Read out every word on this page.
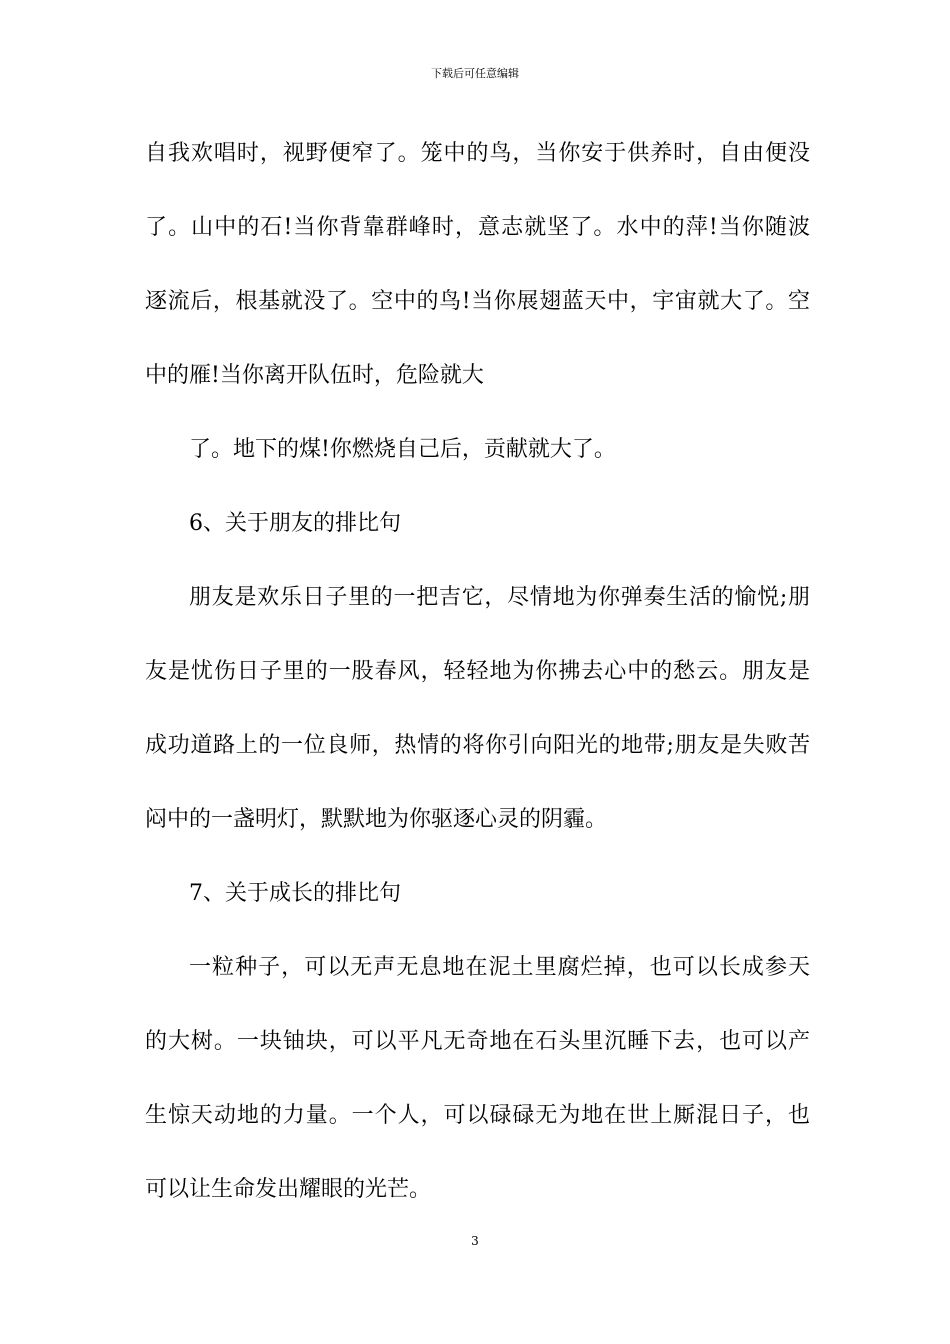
下载后可任意编辑
自我欢唱时，视野便窄了。笼中的鸟，当你安于供养时，自由便没
了。山中的石!当你背靠群峰时，意志就坚了。水中的萍!当你随波
逐流后，根基就没了。空中的鸟!当你展翅蓝天中，宇宙就大了。空
中的雁!当你离开队伍时，危险就大
了。地下的煤!你燃烧自己后，贡献就大了。
6、关于朋友的排比句
朋友是欢乐日子里的一把吉它，尽情地为你弹奏生活的愉悦;朋
友是忧伤日子里的一股春风，轻轻地为你拂去心中的愁云。朋友是
成功道路上的一位良师，热情的将你引向阳光的地带;朋友是失败苦
闷中的一盏明灯，默默地为你驱逐心灵的阴霾。
7、关于成长的排比句
一粒种子，可以无声无息地在泥土里腐烂掉，也可以长成参天
的大树。一块铀块，可以平凡无奇地在石头里沉睡下去，也可以产
生惊天动地的力量。一个人，可以碌碌无为地在世上厮混日子，也
可以让生命发出耀眼的光芒。
3
